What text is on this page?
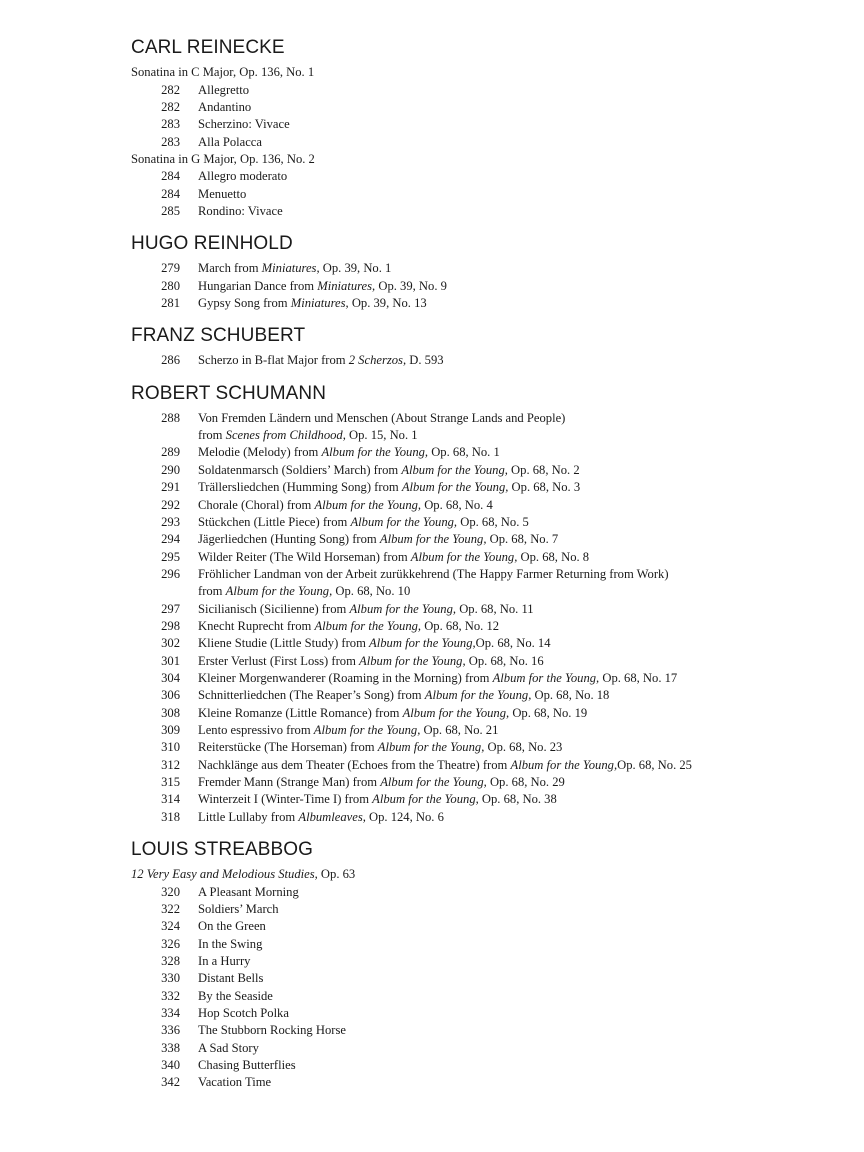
CARL REINECKE
Sonatina in C Major, Op. 136, No. 1
282 Allegretto
282 Andantino
283 Scherzino: Vivace
283 Alla Polacca
Sonatina in G Major, Op. 136, No. 2
284 Allegro moderato
284 Menuetto
285 Rondino: Vivace
HUGO REINHOLD
279 March from Miniatures, Op. 39, No. 1
280 Hungarian Dance from Miniatures, Op. 39, No. 9
281 Gypsy Song from Miniatures, Op. 39, No. 13
FRANZ SCHUBERT
286 Scherzo in B-flat Major from 2 Scherzos, D. 593
ROBERT SCHUMANN
288 Von Fremden Ländern und Menschen (About Strange Lands and People)
from Scenes from Childhood, Op. 15, No. 1
289 Melodie (Melody) from Album for the Young, Op. 68, No. 1
290 Soldatenmarsch (Soldiers’ March) from Album for the Young, Op. 68, No. 2
291 Trällersliedchen (Humming Song) from Album for the Young, Op. 68, No. 3
292 Chorale (Choral) from Album for the Young, Op. 68, No. 4
293 Stückchen (Little Piece) from Album for the Young, Op. 68, No. 5
294 Jägerliedchen (Hunting Song) from Album for the Young, Op. 68, No. 7
295 Wilder Reiter (The Wild Horseman) from Album for the Young, Op. 68, No. 8
296 Fröhlicher Landman von der Arbeit zurükkehrend (The Happy Farmer Returning from Work)
from Album for the Young, Op. 68, No. 10
297 Sicilianisch (Sicilienne) from Album for the Young, Op. 68, No. 11
298 Knecht Ruprecht from Album for the Young, Op. 68, No. 12
302 Kliene Studie (Little Study) from Album for the Young,Op. 68, No. 14
301 Erster Verlust (First Loss) from Album for the Young, Op. 68, No. 16
304 Kleiner Morgenwanderer (Roaming in the Morning) from Album for the Young, Op. 68, No. 17
306 Schnitterliedchen (The Reaper’s Song) from Album for the Young, Op. 68, No. 18
308 Kleine Romanze (Little Romance) from Album for the Young, Op. 68, No. 19
309 Lento espressivo from Album for the Young, Op. 68, No. 21
310 Reiterstücke (The Horseman) from Album for the Young, Op. 68, No. 23
312 Nachklänge aus dem Theater (Echoes from the Theatre) from Album for the Young,Op. 68, No. 25
315 Fremder Mann (Strange Man) from Album for the Young, Op. 68, No. 29
314 Winterzeit I (Winter-Time I) from Album for the Young, Op. 68, No. 38
318 Little Lullaby from Albumleaves, Op. 124, No. 6
LOUIS STREABBOG
12 Very Easy and Melodious Studies, Op. 63
320 A Pleasant Morning
322 Soldiers’ March
324 On the Green
326 In the Swing
328 In a Hurry
330 Distant Bells
332 By the Seaside
334 Hop Scotch Polka
336 The Stubborn Rocking Horse
338 A Sad Story
340 Chasing Butterflies
342 Vacation Time
